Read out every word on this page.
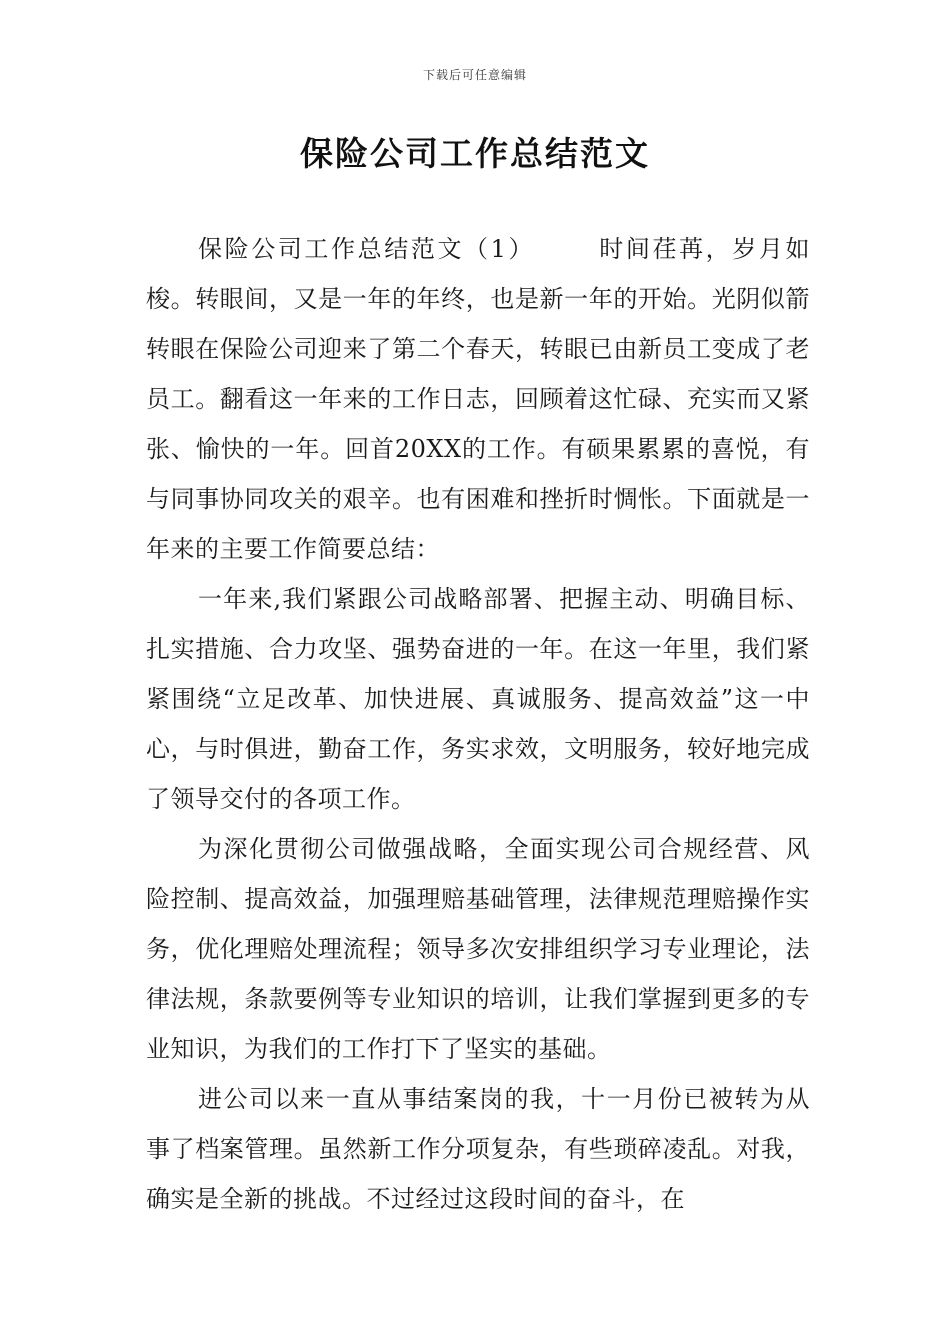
下载后可任意编辑
保险公司工作总结范文

保险公司工作总结范文（1）	时间荏苒，岁月如梭。转眼间，又是一年的年终，也是新一年的开始。光阴似箭转眼在保险公司迎来了第二个春天，转眼已由新员工变成了老员工。翻看这一年来的工作日志，回顾着这忙碌、充实而又紧张、愉快的一年。回首20XX的工作。有硕果累累的喜悦，有与同事协同攻关的艰辛。也有困难和挫折时惆怅。下面就是一年来的主要工作简要总结：

一年来,我们紧跟公司战略部署、把握主动、明确目标、扎实措施、合力攻坚、强势奋进的一年。在这一年里，我们紧紧围绕“立足改革、加快进展、真诚服务、提高效益”这一中心，与时俱进，勤奋工作，务实求效，文明服务，较好地完成了领导交付的各项工作。

为深化贯彻公司做强战略，全面实现公司合规经营、风险控制、提高效益，加强理赔基础管理，法律规范理赔操作实务，优化理赔处理流程；领导多次安排组织学习专业理论，法律法规，条款要例等专业知识的培训，让我们掌握到更多的专业知识，为我们的工作打下了坚实的基础。

进公司以来一直从事结案岗的我，十一月份已被转为从事了档案管理。虽然新工作分项复杂，有些琐碎凌乱。对我，确实是全新的挑战。不过经过这段时间的奋斗，在
